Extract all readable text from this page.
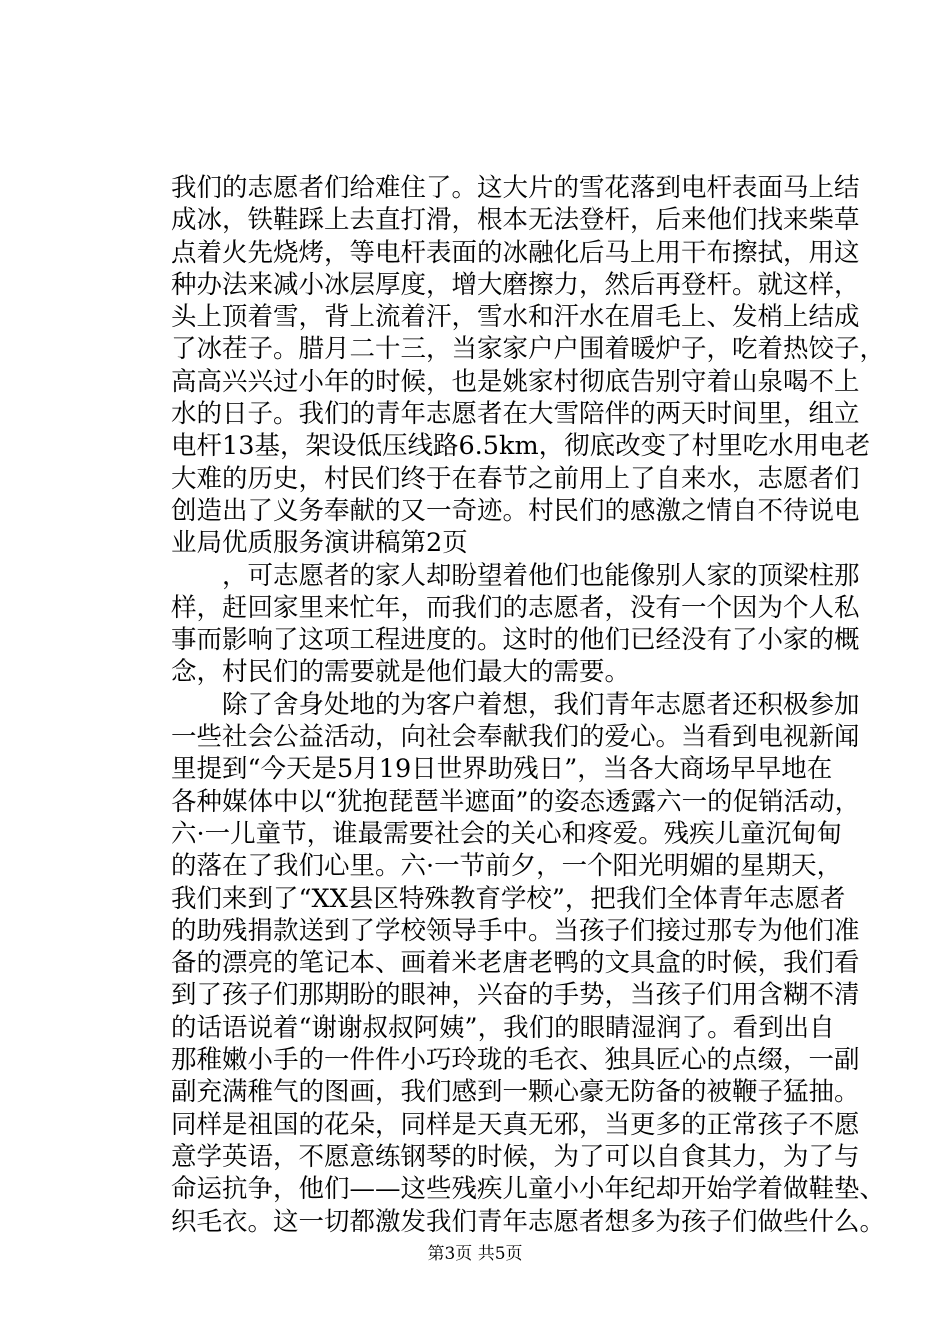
我们的志愿者们给难住了。这大片的雪花落到电杆表面马上结
成冰，铁鞋踩上去直打滑，根本无法登杆，后来他们找来柴草
点着火先烧烤，等电杆表面的冰融化后马上用干布擦拭，用这
种办法来减小冰层厚度，增大磨擦力，然后再登杆。就这样，
头上顶着雪，背上流着汗，雪水和汗水在眉毛上、发梢上结成
了冰茬子。腊月二十三，当家家户户围着暖炉子，吃着热饺子，
高高兴兴过小年的时候，也是姚家村彻底告别守着山泉喝不上
水的日子。我们的青年志愿者在大雪陪伴的两天时间里，组立
电杆13基，架设低压线路6.5km，彻底改变了村里吃水用电老
大难的历史，村民们终于在春节之前用上了自来水，志愿者们
创造出了义务奉献的又一奇迹。村民们的感激之情自不待说电
业局优质服务演讲稿第2页
，可志愿者的家人却盼望着他们也能像别人家的顶梁柱那
样，赶回家里来忙年，而我们的志愿者，没有一个因为个人私
事而影响了这项工程进度的。这时的他们已经没有了小家的概
念，村民们的需要就是他们最大的需要。
除了舍身处地的为客户着想，我们青年志愿者还积极参加
一些社会公益活动，向社会奉献我们的爱心。当看到电视新闻
里提到“今天是5月19日世界助残日”，当各大商场早早地在
各种媒体中以“犹抱琵琶半遮面”的姿态透露六一的促销活动，
六·一儿童节，谁最需要社会的关心和疼爱。残疾儿童沉甸甸
的落在了我们心里。六·一节前夕，一个阳光明媚的星期天，
我们来到了“XX县区特殊教育学校”，把我们全体青年志愿者
的助残捐款送到了学校领导手中。当孩子们接过那专为他们准
备的漂亮的笔记本、画着米老唐老鸭的文具盒的时候，我们看
到了孩子们那期盼的眼神，兴奋的手势，当孩子们用含糊不清
的话语说着“谢谢叔叔阿姨”，我们的眼睛湿润了。看到出自
那稚嫩小手的一件件小巧玲珑的毛衣、独具匠心的点缀，一副
副充满稚气的图画，我们感到一颗心豪无防备的被鞭子猛抽。
同样是祖国的花朵，同样是天真无邪，当更多的正常孩子不愿
意学英语，不愿意练钢琴的时候，为了可以自食其力，为了与
命运抗争，他们——这些残疾儿童小小年纪却开始学着做鞋垫、
织毛衣。这一切都激发我们青年志愿者想多为孩子们做些什么。
第3页 共5页
